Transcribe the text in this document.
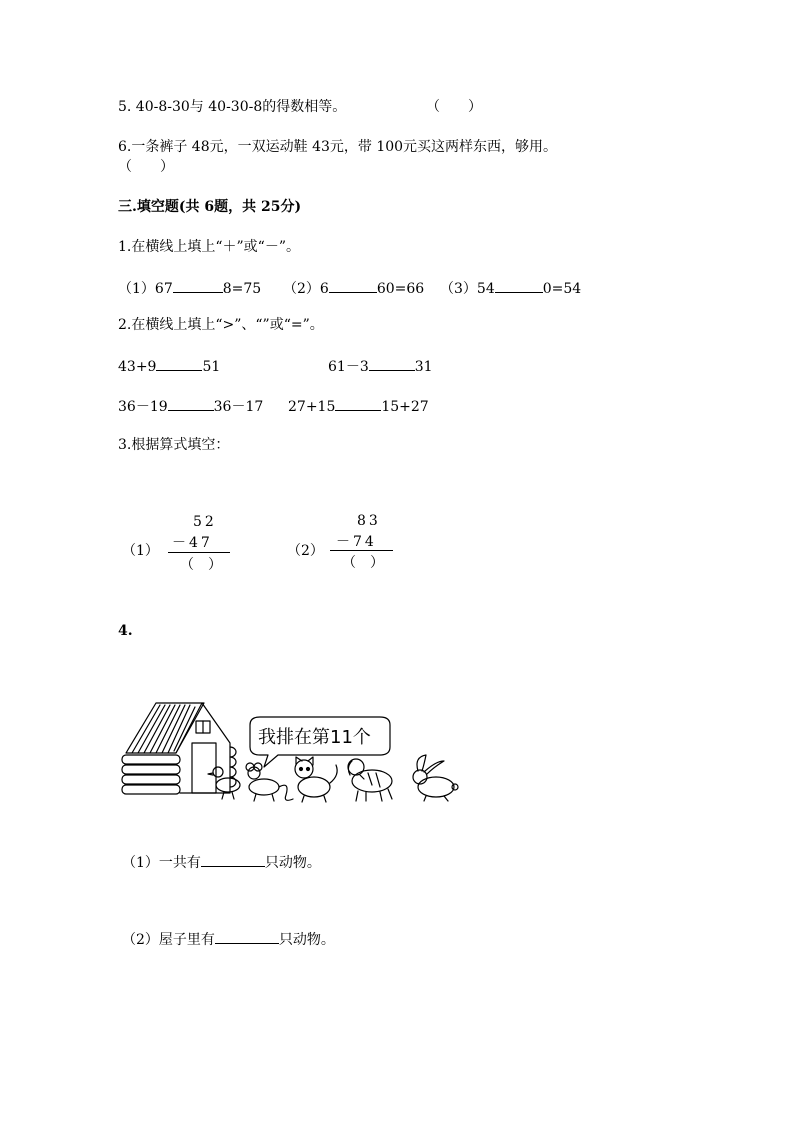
5. 40-8-30与 40-30-8的得数相等。	（　　）
6.一条裤子 48元，一双运动鞋 43元，带 100元买这两样东西，够用。
（　　）
三.填空题(共 6题，共 25分)
1.在横线上填上“＋”或“－”。
（1）67	8=75 （2）6	60=66 （3）54	0=54
2.在横线上填上“>”、“”或“=”。
43+9	51	61－3	31
36－19	36－17 27+15	15+27
3.根据算式填空：
（1）
52
－47
（　）
（2）
83
－74
（　）
4.
我排在第11个
（1）一共有	只动物。
（2）屋子里有	只动物。
